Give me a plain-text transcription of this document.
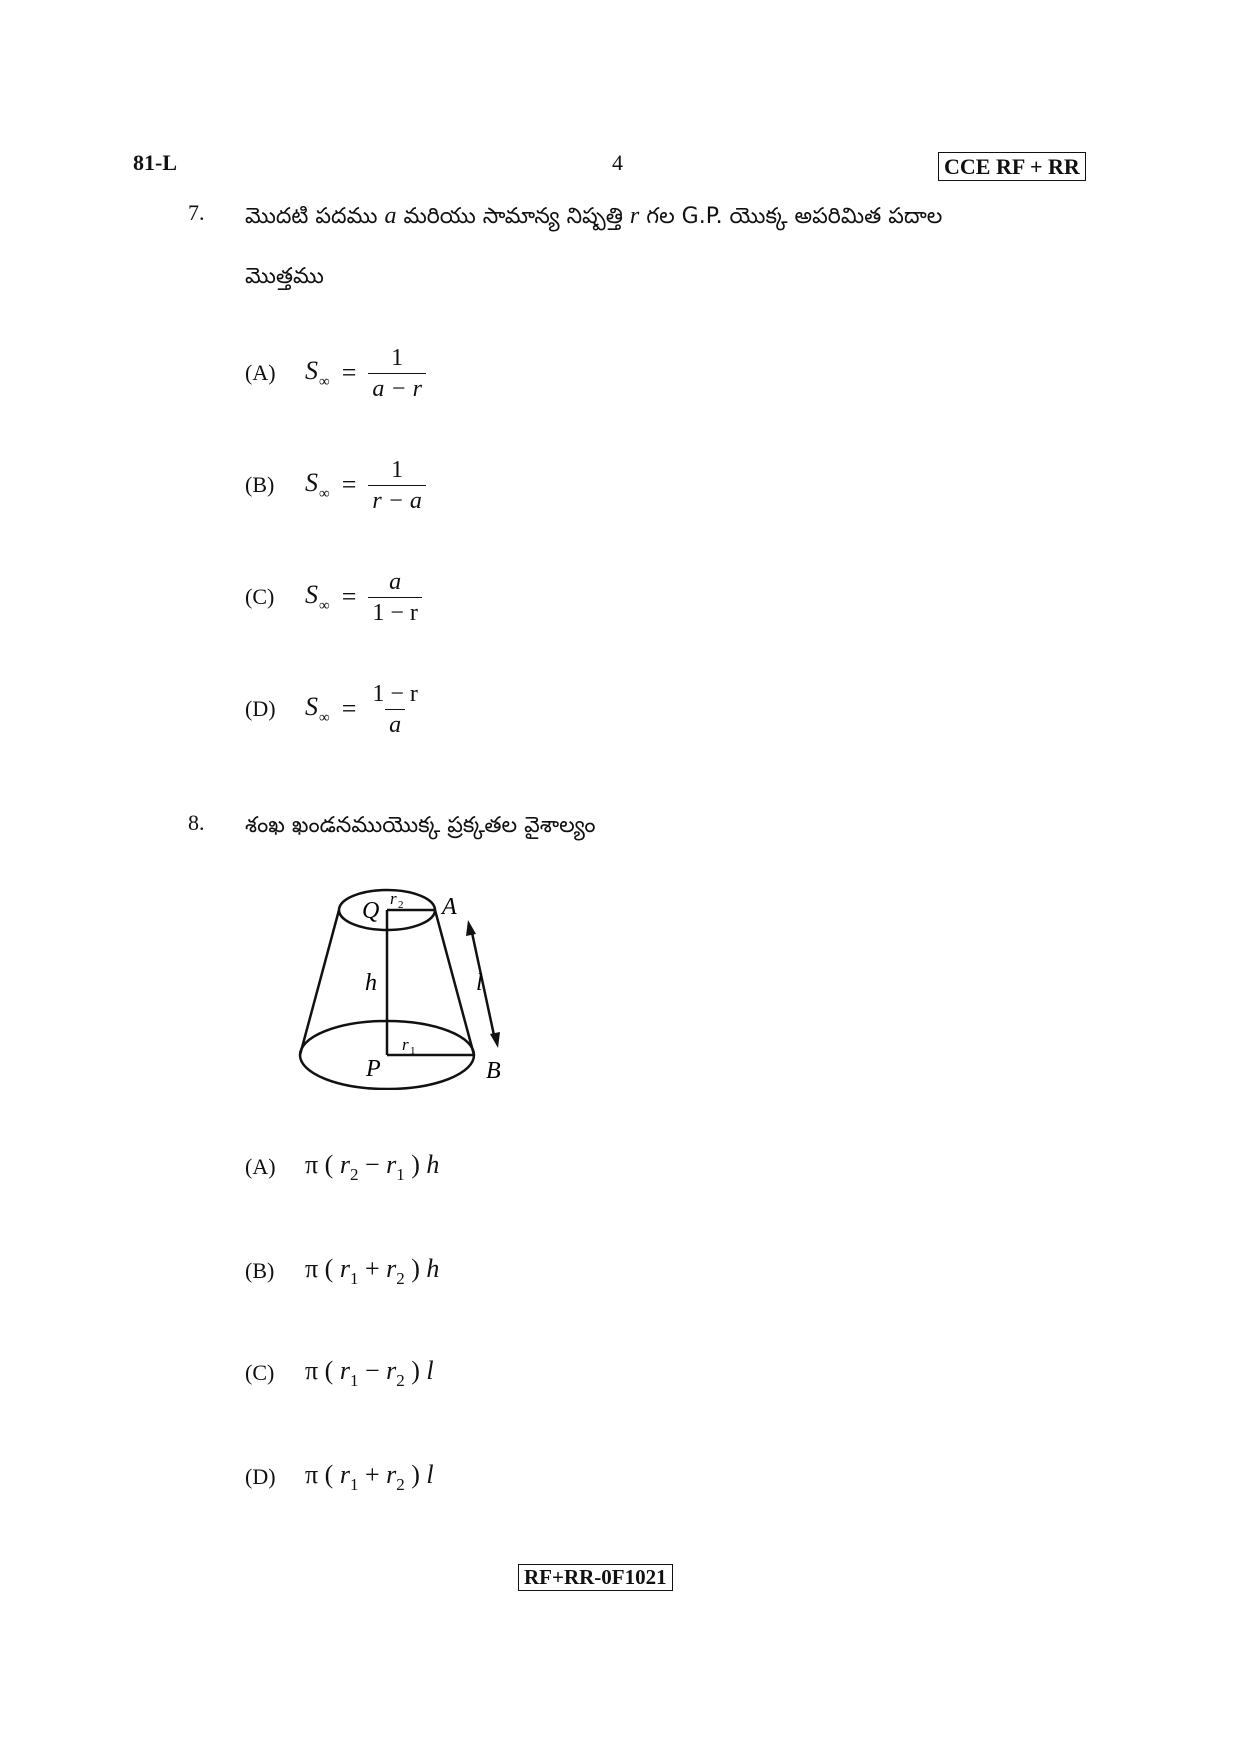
81-L	4	CCE RF + RR
7. మొదటి పదము a మరియు సామాన్య నిష్పత్తి r గల G.P. యొక్క అపరిమిత పదాల
మొత్తము
(A)	$S_\infty = \frac{1}{a - r}$
(B)	$S_\infty = \frac{1}{r - a}$
(C)	$S_\infty = \frac{a}{1 - r}$
(D)	$S_\infty = \frac{1 - r}{a}$
8. శంఖ ఖండనముయొక్క ప్రక్కతల వైశాల్యం
Q	A
P	B
h	l
r 2
r 1
(A)	π ( $r_2 - r_1$ ) h
(B)	π ( $r_1 + r_2$ ) h
(C)	π ( $r_1 - r_2$ ) l
(D)	π ( $r_1 + r_2$ ) l
RF+RR-0F1021
